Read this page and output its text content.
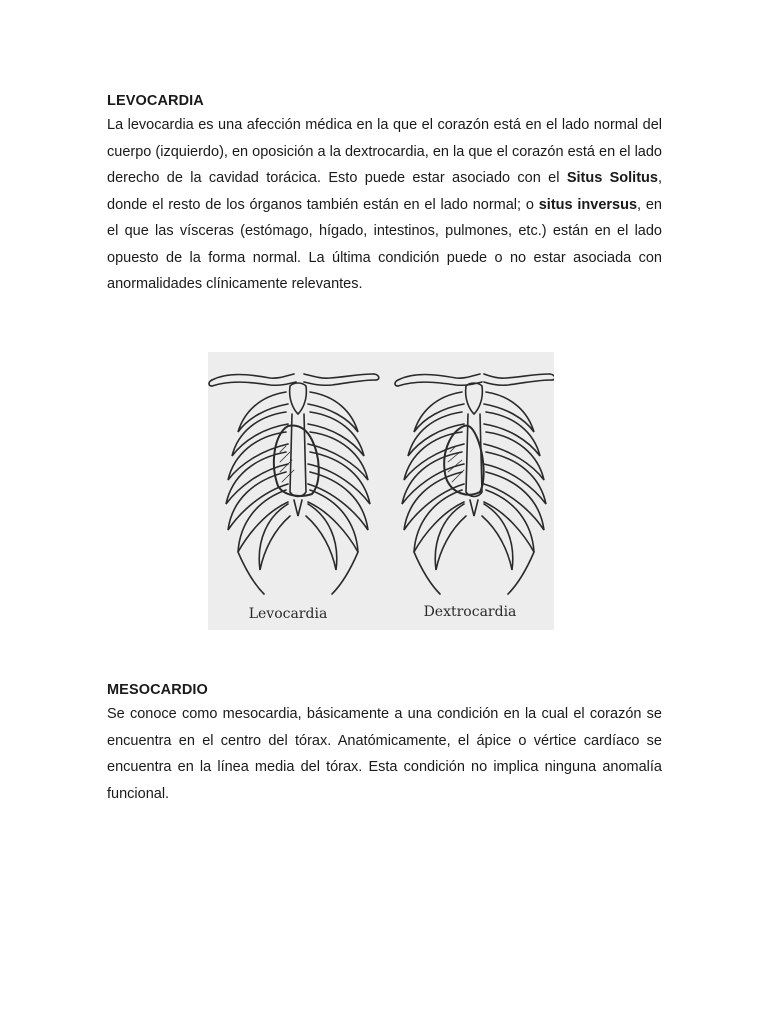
LEVOCARDIA

La levocardia es una afección médica en la que el corazón está en el lado normal del cuerpo (izquierdo), en oposición a la dextrocardia, en la que el corazón está en el lado derecho de la cavidad torácica. Esto puede estar asociado con el Situs Solitus, donde el resto de los órganos también están en el lado normal; o situs inversus, en el que las vísceras (estómago, hígado, intestinos, pulmones, etc.) están en el lado opuesto de la forma normal. La última condición puede o no estar asociada con anormalidades clínicamente relevantes.

Levocardia	Dextrocardia

MESOCARDIO

Se conoce como mesocardia, básicamente a una condición en la cual el corazón se encuentra en el centro del tórax. Anatómicamente, el ápice o vértice cardíaco se encuentra en la línea media del tórax. Esta condición no implica ninguna anomalía funcional.
